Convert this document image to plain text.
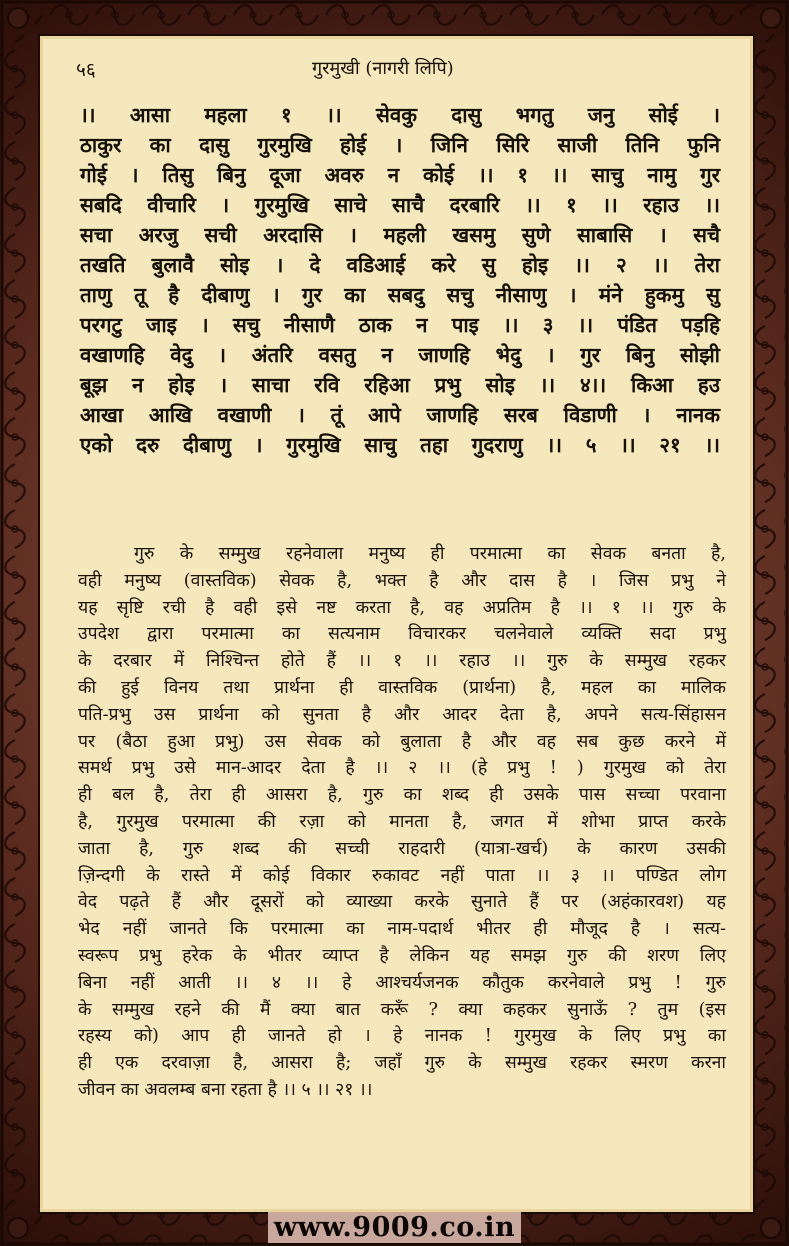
५६	गुरमुखी (नागरी लिपि)
।। आसा महला १ ।। सेवकु दासु भगतु जनु सोई ।
ठाकुर का दासु गुरमुखि होई । जिनि सिरि साजी तिनि फुनि
गोई । तिसु बिनु दूजा अवरु न कोई ।। १ ।। साचु नामु गुर
सबदि वीचारि । गुरमुखि साचे साचै दरबारि ।। १ ।। रहाउ ।।
सचा अरजु सची अरदासि । महली खसमु सुणे साबासि । सचै
तखति बुलावै सोइ । दे वडिआई करे सु होइ ।। २ ।। तेरा
ताणु तू है दीबाणु । गुर का सबदु सचु नीसाणु । मंने हुकमु सु
परगटु जाइ । सचु नीसाणै ठाक न पाइ ।। ३ ।। पंडित पड़हि
वखाणहि वेदु । अंतरि वसतु न जाणहि भेदु । गुर बिनु सोझी
बूझ न होइ । साचा रवि रहिआ प्रभु सोइ ।। ४।। किआ हउ
आखा आखि वखाणी । तूं आपे जाणहि सरब विडाणी । नानक
एको दरु दीबाणु । गुरमुखि साचु तहा गुदराणु ।। ५ ।। २१ ।।
गुरु के सम्मुख रहनेवाला मनुष्य ही परमात्मा का सेवक बनता है,
वही मनुष्य (वास्तविक) सेवक है, भक्त है और दास है । जिस प्रभु ने
यह सृष्टि रची है वही इसे नष्ट करता है, वह अप्रतिम है ।। १ ।। गुरु के
उपदेश द्वारा परमात्मा का सत्यनाम विचारकर चलनेवाले व्यक्ति सदा प्रभु
के दरबार में निश्चिन्त होते हैं ।। १ ।। रहाउ ।। गुरु के सम्मुख रहकर
की हुई विनय तथा प्रार्थना ही वास्तविक (प्रार्थना) है, महल का मालिक
पति-प्रभु उस प्रार्थना को सुनता है और आदर देता है, अपने सत्य-सिंहासन
पर (बैठा हुआ प्रभु) उस सेवक को बुलाता है और वह सब कुछ करने में
समर्थ प्रभु उसे मान-आदर देता है ।। २ ।। (हे प्रभु ! ) गुरमुख को तेरा
ही बल है, तेरा ही आसरा है, गुरु का शब्द ही उसके पास सच्चा परवाना
है, गुरमुख परमात्मा की रज़ा को मानता है, जगत में शोभा प्राप्त करके
जाता है, गुरु शब्द की सच्ची राहदारी (यात्रा-खर्च) के कारण उसकी
ज़िन्दगी के रास्ते में कोई विकार रुकावट नहीं पाता ।। ३ ।। पण्डित लोग
वेद पढ़ते हैं और दूसरों को व्याख्या करके सुनाते हैं पर (अहंकारवश) यह
भेद नहीं जानते कि परमात्मा का नाम-पदार्थ भीतर ही मौजूद है । सत्य-
स्वरूप प्रभु हरेक के भीतर व्याप्त है लेकिन यह समझ गुरु की शरण लिए
बिना नहीं आती ।। ४ ।। हे आश्चर्यजनक कौतुक करनेवाले प्रभु ! गुरु
के सम्मुख रहने की मैं क्या बात करूँ ? क्या कहकर सुनाऊँ ? तुम (इस
रहस्य को) आप ही जानते हो । हे नानक ! गुरमुख के लिए प्रभु का
ही एक दरवाज़ा है, आसरा है; जहाँ गुरु के सम्मुख रहकर स्मरण करना
जीवन का अवलम्ब बना रहता है ।। ५ ।। २१ ।।
www.9009.co.in
